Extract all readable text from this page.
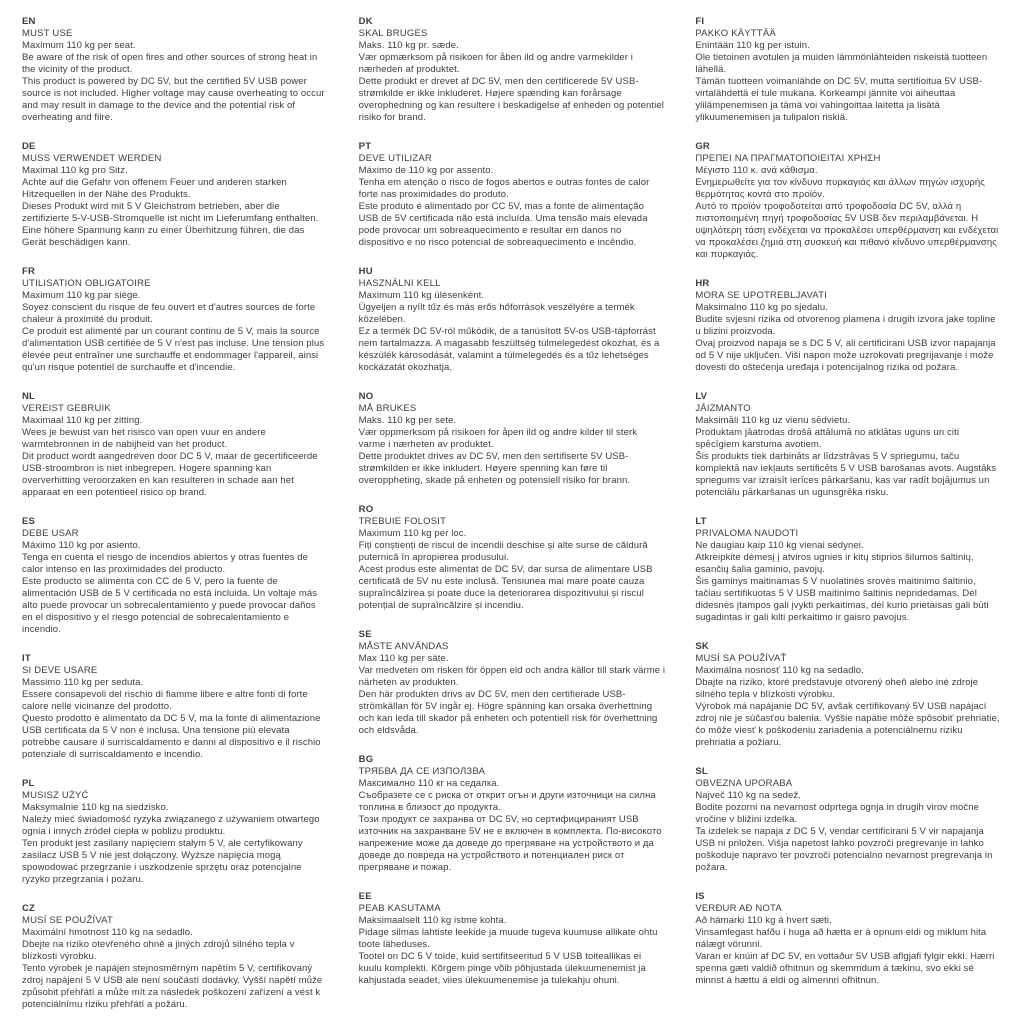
EN
MUST USE

Maximum 110 kg per seat.

Be aware of the risk of open fires and other sources of strong heat in the vicinity of the product.

This product is powered by DC 5V, but the certified 5V USB power source is not included. Higher voltage may cause overheating to occur and may result in damage to the device and the potential risk of overheating and fiire.

DE
MUSS VERWENDET WERDEN

Maximal 110 kg pro Sitz.

Achte auf die Gefahr von offenem Feuer und anderen starken Hitzequellen in der Nähe des Produkts.

Dieses Produkt wird mit 5 V Gleichstrom betrieben, aber die zertifizierte 5-V-USB-Stromquelle ist nicht im Lieferumfang enthalten. Eine höhere Spannung kann zu einer Überhitzung führen, die das Gerät beschädigen kann.

FR
UTILISATION OBLIGATOIRE

Maximum 110 kg par siège.

Soyez conscient du risque de feu ouvert et d'autres sources de forte chaleur à proximité du produit.

Ce produit est alimenté par un courant continu de 5 V, mais la source d'alimentation USB certifiée de 5 V n'est pas incluse. Une tension plus élevée peut entraîner une surchauffe et endommager l'appareil, ainsi qu'un risque potentiel de surchauffe et d'incendie.

NL
VEREIST GEBRUIK

Maximaal 110 kg per zitting.

Wees je bewust van het risisco van open vuur en andere warmtebronnen in de nabijheid van het product.

Dit product wordt aangedreven door DC 5 V, maar de gecertificeerde USB-stroombron is niet inbegrepen. Hogere spanning kan oververhitting veroorzaken en kan resulteren in schade aan het apparaat en een potentieel risico op brand.

ES
DEBE USAR

Máximo 110 kg por asiento.

Tenga en cuenta el riesgo de incendios abiertos y otras fuentes de calor intenso en las proximidades del producto.

Este producto se alimenta con CC de 5 V, pero la fuente de alimentación USB de 5 V certificada no está incluida. Un voltaje más alto puede provocar un sobrecalentamiento y puede provocar daños en el dispositivo y el riesgo potencial de sobrecalentamiento e incendio.

IT
SI DEVE USARE

Massimo 110 kg per seduta.

Essere consapevoli del rischio di fiamme libere e altre fonti di forte calore nelle vicinanze del prodotto.

Questo prodotto è alimentato da DC 5 V, ma la fonte di alimentazione USB certificata da 5 V non è inclusa. Una tensione più elevata potrebbe causare il surriscaldamento e danni al dispositivo e il rischio potenziale di surriscaldamento e incendio.

PL
MUSISZ UŻYĆ

Maksymalnie 110 kg na siedzisko.

Należy mieć świadomość ryzyka związanego z używaniem otwartego ognia i innych źródeł ciepła w pobliżu produktu.

Ten produkt jest zasilany napięciem stałym 5 V, ale certyfikowany zasilacz USB 5 V nie jest dołączony. Wyższe napięcia mogą spowodować przegrzanie i uszkodzenie sprzętu oraz potencjalne ryzyko przegrzania i pożaru.

CZ
MUSÍ SE POUŽÍVAT

Maximální hmotnost 110 kg na sedadlo.

Dbejte na riziko otevřeného ohně a jiných zdrojů silného tepla v blízkosti výrobku.

Tento výrobek je napájen stejnosměrným napětím 5 V, certifikovaný zdroj napájení 5 V USB ale není součástí dodávky. Vyšší napětí může způsobit přehřátí a může mít za následek poškození zařízení a vést k potenciálnímu riziku přehřátí a požáru.

DK
SKAL BRUGES

Maks. 110 kg pr. sæde.

Vær opmærksom på risikoen for åben ild og andre varmekilder i nærheden af produktet.

Dette produkt er drevet af DC 5V, men den certificerede 5V USB-strømkilde er ikke inkluderet. Højere spænding kan forårsage overophedning og kan resultere i beskadigelse af enheden og potentiel risiko for brand.

PT
DEVE UTILIZAR

Máximo de 110 kg por assento.

Tenha em atenção o risco de fogos abertos e outras fontes de calor forte nas proximidades do produto.

Este produto é alimentado por CC 5V, mas a fonte de alimentação USB de 5V certificada não está incluída. Uma tensão mais elevada pode provocar um sobreaquecimento e resultar em danos no dispositivo e no risco potencial de sobreaquecimento e incêndio.

HU
HASZNÁLNI KELL

Maximum 110 kg ülésenként.

Ügyeljen a nyílt tűz és más erős hőforrások veszélyére a termék közelében.

Ez a termék DC 5V-ról működik, de a tanúsított 5V-os USB-tápforrást nem tartalmazza. A magasabb feszültség túlmelegedést okozhat, és a készülék károsodását, valamint a túlmelegedés és a tűz lehetséges kockázatát okozhatja.

NO
MÅ BRUKES

Maks. 110 kg per sete.

Vær oppmerksom på risikoen for åpen ild og andre kilder til sterk varme i nærheten av produktet.

Dette produktet drives av DC 5V, men den sertifiserte 5V USB-strømkilden er ikke inkludert. Høyere spenning kan føre til overoppheting, skade på enheten og potensiell risiko for brann.

RO
TREBUIE FOLOSIT

Maximum 110 kg per loc.

Fiți conștienți de riscul de incendii deschise și alte surse de căldură puternică în apropierea produsului.

Acest produs este alimentat de DC 5V, dar sursa de alimentare USB certificată de 5V nu este inclusă. Tensiunea mai mare poate cauza supraîncălzirea și poate duce la deteriorarea dispozitivului și riscul potențial de supraîncălzire și incendiu.

SE
MÅSTE ANVÄNDAS

Max 110 kg per säte.

Var medveten om risken för öppen eld och andra källor till stark värme i närheten av produkten.

Den här produkten drivs av DC 5V, men den certifierade USB-strömkällan för 5V ingår ej. Högre spänning kan orsaka överhettning och kan leda till skador på enheten och potentiell risk för överhettning och eldsvåda.

BG
ТРЯБВА ДА СЕ ИЗПОЛЗВА

Максимално 110 кг на седалка.

Съобразете се с риска от открит огън и други източници на силна топлина в близост до продукта.

Този продукт се захранва от DC 5V, но сертифицираният USB източник на захранване 5V не е включен в комплекта. По-високото напрежение може да доведе до прегряване на устройството и да доведе до повреда на устройството и потенциален риск от прегряване и пожар.

EE
PEAB KASUTAMA

Maksimaalselt 110 kg istme kohta.

Pidage silmas lahtiste leekide ja muude tugeva kuumuse allikate ohtu toote läheduses.

Tootel on DC 5 V toide, kuid sertifitseeritud 5 V USB toiteallikas ei kuulu komplekti. Kõrgem pinge võib põhjustada ülekuumenemist ja kahjustada seadet, viies ülekuumenemise ja tulekahju ohuni.

FI
PAKKO KÄYTTÄÄ

Enintään 110 kg per istuin.

Ole tietoinen avotulen ja muiden lämmönlähteiden riskeistä tuotteen lähellä.

Tämän tuotteen voimanlähde on DC 5V, mutta sertifioitua 5V USB-virtalähdettä ei tule mukana. Korkeampi jännite voi aiheuttaa ylilämpenemisen ja tämä voi vahingoittaa laitetta ja lisätä ylikuumenemisen ja tulipalon riskiä.

GR
ΠΡΕΠΕΙ ΝΑ ΠΡΑΓΜΑΤΟΠΟΙΕΙΤΑΙ ΧΡΗΣΗ

Μέγιστο 110 κ. ανά κάθισμα.

Ενημερωθείτε για τον κίνδυνο πυρκαγιάς και άλλων πηγών ισχυρής θερμότητας κοντά στο προϊόν.

Αυτό το προϊόν τροφοδοτείται από τροφοδοσία DC 5V, αλλά η πιστοποιημένη πηγή τροφοδοσίας 5V USB δεν περιλαμβάνεται. Η υψηλότερη τάση ενδέχεται να προκαλέσει υπερθέρμανση και ενδέχεται να προκαλέσει ζημιά στη συσκευή και πιθανό κίνδυνο υπερθέρμανσης και πυρκαγιάς.

HR
MORA SE UPOTREBLJAVATI

Maksimalno 110 kg po sjedalu.

Budite svjesni rizika od otvorenog plamena i drugih izvora jake topline u blizini proizvoda.

Ovaj proizvod napaja se s DC 5 V, ali certificirani USB izvor napajanja od 5 V nije uključen. Viši napon može uzrokovati pregrijavanje i može dovesti do oštećenja uređaja i potencijalnog rizika od požara.

LV
JĀIZMANTO

Maksimāli 110 kg uz vienu sēdvietu.

Produktam jāatrodas drošā attālumā no atklātas uguns un citi spēcīgiem karstuma avotiem.

Šis produkts tiek darbināts ar līdzstrāvas 5 V spriegumu, taču komplektā nav iekļauts sertificēts 5 V USB barošanas avots. Augstāks spriegums var izraisīt ierīces pārkaršanu, kas var radīt bojājumus un potenciālu pārkaršanas un ugunsgrēka risku.

LT
PRIVALOMA NAUDOTI

Ne daugiau kaip 110 kg vienai sėdynei.

Atkreipkite dėmesį į atviros ugnies ir kitų stiprios šilumos šaltinių, esančių šalia gaminio, pavojų.

Šis gaminys maitinamas 5 V nuolatinės srovės maitinimo šaltinio, tačiau sertifikuotas 5 V USB maitinimo šaltinis nepridedamas. Dėl didesnės įtampos gali įvykti perkaitimas, dėl kurio prietaisas gali būti sugadintas ir gali kilti perkaitimo ir gaisro pavojus.

SK
MUSÍ SA POUŽÍVAŤ

Maximálna nosnosť 110 kg na sedadlo.

Dbajte na riziko, ktoré predstavuje otvorený oheň alebo iné zdroje silného tepla v blízkosti výrobku.

Výrobok má napájanie DC 5V, avšak certifikovaný 5V USB napájací zdroj nie je súčasťou balenia. Vyššie napätie môže spôsobiť prehriatie, čo môže viesť k poškodeniu zariadenia a potenciálnemu riziku prehriatia a požiaru.

SL
OBVEZNA UPORABA

Največ 110 kg na sedež.

Bodite pozorni na nevarnost odprtega ognja in drugih virov močne vročine v bližini izdelka.

Ta izdelek se napaja z DC 5 V, vendar certificirani 5 V vir napajanja USB ni priložen. Višja napetost lahko povzroči pregrevanje in lahko poškoduje napravo ter povzroči potencialno nevarnost pregrevanja in požara.

IS
VERÐUR AÐ NOTA

Að hámarki 110 kg á hvert sæti.

Vinsamlegast hafðu í huga að hætta er á opnum eldi og miklum hita nálægt vörunni.

Varan er knúin af DC 5V, en vottaður 5V USB aflgjafi fylgir ekki. Hærri spenna gæti valdið ofhitnun og skemmdum á tækinu, svo ekki sé minnst á hættu á eldi og almennri ofhitnun.
